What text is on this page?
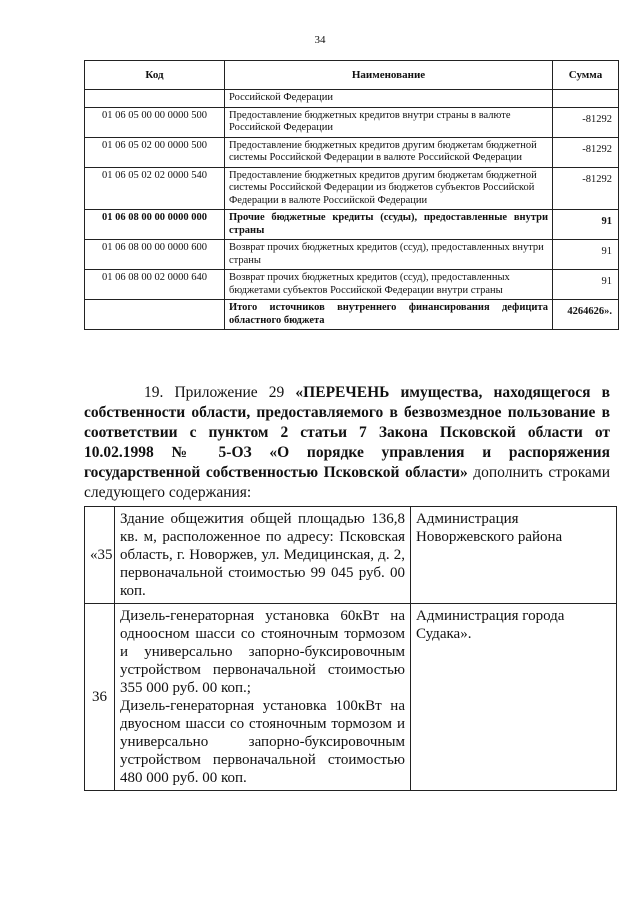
34
Код	Наименование	Сумма
	Российской Федерации	
01 06 05 00 00 0000 500	Предоставление бюджетных кредитов внутри страны в валюте Российской Федерации	-81292
01 06 05 02 00 0000 500	Предоставление бюджетных кредитов другим бюджетам бюджетной системы Российской Федерации в валюте Российской Федерации	-81292
01 06 05 02 02 0000 540	Предоставление бюджетных кредитов другим бюджетам бюджетной системы Российской Федерации из бюджетов субъектов Российской Федерации в валюте Российской Федерации	-81292
01 06 08 00 00 0000 000	Прочие бюджетные кредиты (ссуды), предоставленные внутри страны	91
01 06 08 00 00 0000 600	Возврат прочих бюджетных кредитов (ссуд), предоставленных внутри страны	91
01 06 08 00 02 0000 640	Возврат прочих бюджетных кредитов (ссуд), предоставленных бюджетами субъектов Российской Федерации внутри страны	91
	Итого источников внутреннего финансирования дефицита областного бюджета	4264626».
19. Приложение 29 «ПЕРЕЧЕНЬ имущества, находящегося в собственности области, предоставляемого в безвозмездное пользование в соответствии с пунктом 2 статьи 7 Закона Псковской области от 10.02.1998 № 5-ОЗ «О порядке управления и распоряжения государственной собственностью Псковской области» дополнить строками следующего содержания:
«35	Здание общежития общей площадью 136,8 кв. м, расположенное по адресу: Псковская область, г. Новоржев, ул. Медицинская, д. 2, первоначальной стоимостью 99 045 руб. 00 коп.	Администрация Новоржевского района
36	Дизель-генераторная установка 60кВт на одноосном шасси со стояночным тормозом и универсально запорно-буксировочным устройством первоначальной стоимостью 355 000 руб. 00 коп.;
Дизель-генераторная установка 100кВт на двуосном шасси со стояночным тормозом и универсально запорно-буксировочным устройством первоначальной стоимостью 480 000 руб. 00 коп.	Администрация города Судака».
